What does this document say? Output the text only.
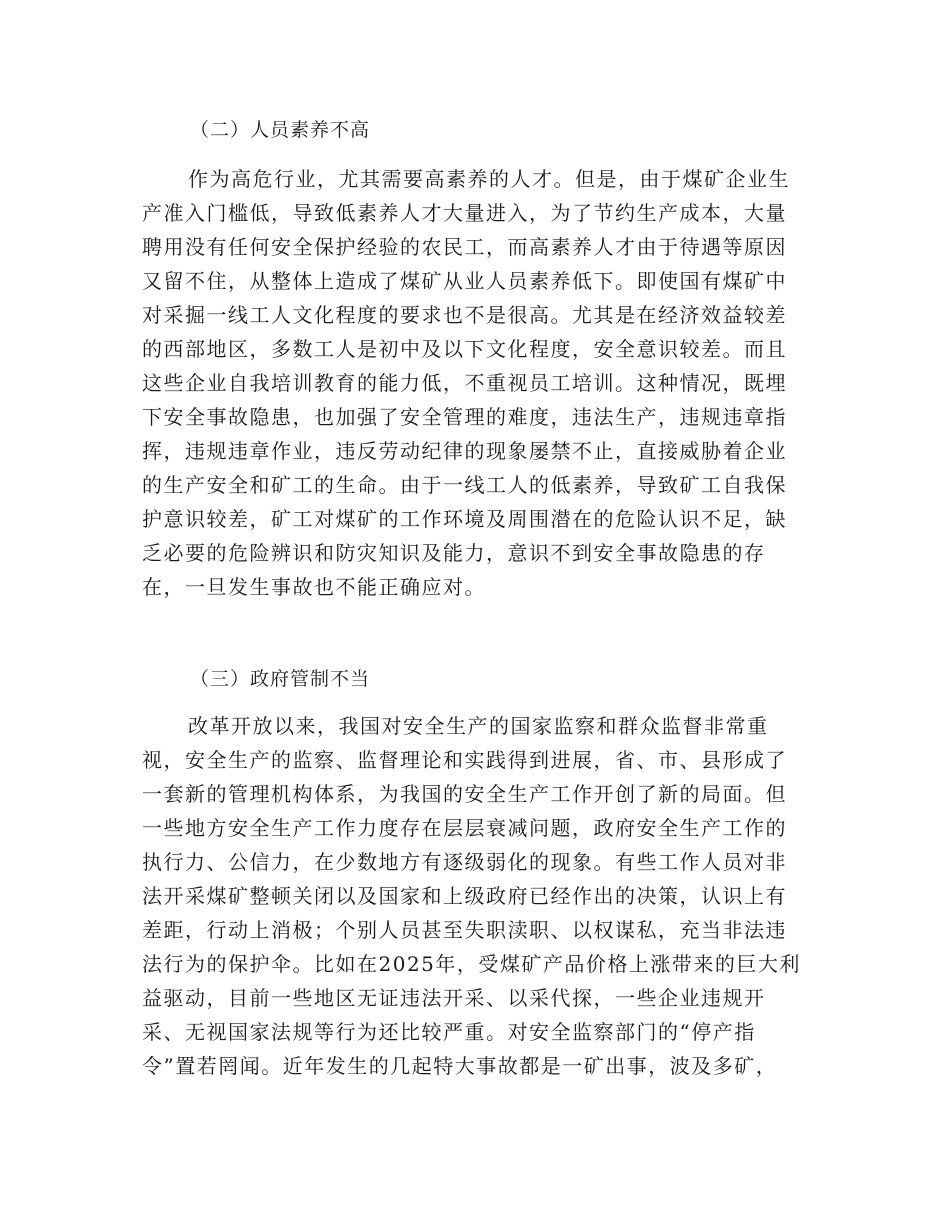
（二）人员素养不高
作为高危行业，尤其需要高素养的人才。但是，由于煤矿企业生
产准入门槛低，导致低素养人才大量进入，为了节约生产成本，大量
聘用没有任何安全保护经验的农民工，而高素养人才由于待遇等原因
又留不住，从整体上造成了煤矿从业人员素养低下。即使国有煤矿中
对采掘一线工人文化程度的要求也不是很高。尤其是在经济效益较差
的西部地区，多数工人是初中及以下文化程度，安全意识较差。而且
这些企业自我培训教育的能力低，不重视员工培训。这种情况，既埋
下安全事故隐患，也加强了安全管理的难度，违法生产，违规违章指
挥，违规违章作业，违反劳动纪律的现象屡禁不止，直接威胁着企业
的生产安全和矿工的生命。由于一线工人的低素养，导致矿工自我保
护意识较差，矿工对煤矿的工作环境及周围潜在的危险认识不足，缺
乏必要的危险辨识和防灾知识及能力，意识不到安全事故隐患的存
在，一旦发生事故也不能正确应对。
（三）政府管制不当
改革开放以来，我国对安全生产的国家监察和群众监督非常重
视，安全生产的监察、监督理论和实践得到进展，省、市、县形成了
一套新的管理机构体系，为我国的安全生产工作开创了新的局面。但
一些地方安全生产工作力度存在层层衰减问题，政府安全生产工作的
执行力、公信力，在少数地方有逐级弱化的现象。有些工作人员对非
法开采煤矿整顿关闭以及国家和上级政府已经作出的决策，认识上有
差距，行动上消极；个别人员甚至失职渎职、以权谋私，充当非法违
法行为的保护伞。比如在2025年，受煤矿产品价格上涨带来的巨大利
益驱动，目前一些地区无证违法开采、以采代探，一些企业违规开
采、无视国家法规等行为还比较严重。对安全监察部门的“停产指
令”置若罔闻。近年发生的几起特大事故都是一矿出事，波及多矿，
